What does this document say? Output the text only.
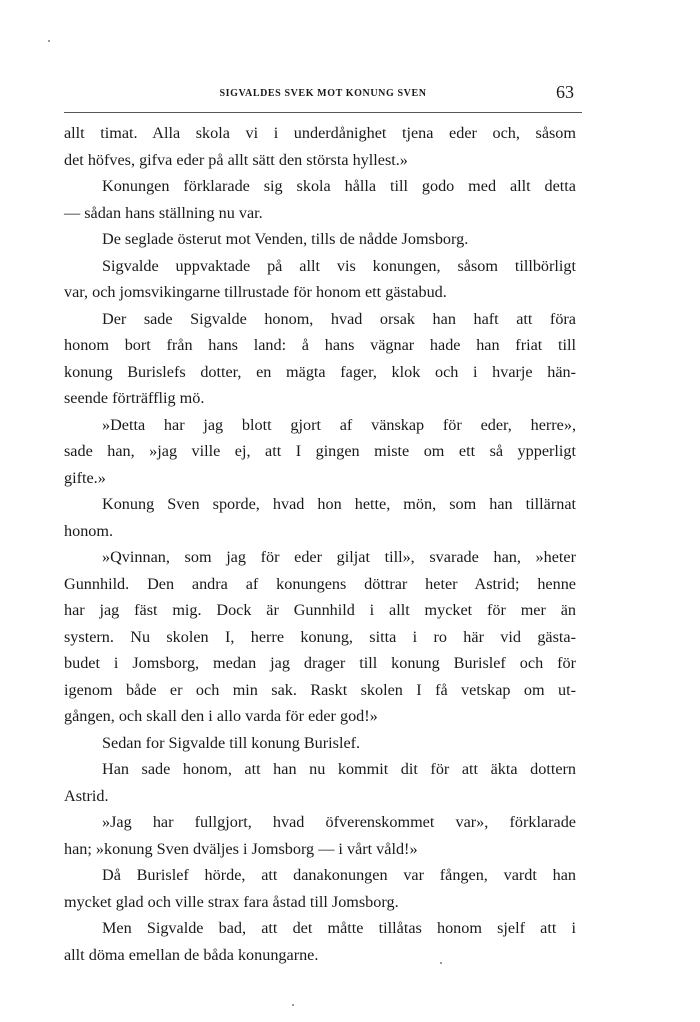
SIGVALDES SVEK MOT KONUNG SVEN	63
allt timat. Alla skola vi i underdånighet tjena eder och, såsom
det höfves, gifva eder på allt sätt den största hyllest.»
Konungen förklarade sig skola hålla till godo med allt detta
— sådan hans ställning nu var.
De seglade österut mot Venden, tills de nådde Jomsborg.
Sigvalde uppvaktade på allt vis konungen, såsom tillbörligt
var, och jomsvikingarne tillrustade för honom ett gästabud.
Der sade Sigvalde honom, hvad orsak han haft att föra
honom bort från hans land: å hans vägnar hade han friat till
konung Burislefs dotter, en mägta fager, klok och i hvarje hän-
seende förträfflig mö.
»Detta har jag blott gjort af vänskap för eder, herre»,
sade han, »jag ville ej, att I gingen miste om ett så ypperligt
gifte.»
Konung Sven sporde, hvad hon hette, mön, som han tillärnat
honom.
»Qvinnan, som jag för eder giljat till», svarade han, »heter
Gunnhild. Den andra af konungens döttrar heter Astrid; henne
har jag fäst mig. Dock är Gunnhild i allt mycket för mer än
systern. Nu skolen I, herre konung, sitta i ro här vid gästa-
budet i Jomsborg, medan jag drager till konung Burislef och för
igenom både er och min sak. Raskt skolen I få vetskap om ut-
gången, och skall den i allo varda för eder god!»
Sedan for Sigvalde till konung Burislef.
Han sade honom, att han nu kommit dit för att äkta dottern
Astrid.
»Jag har fullgjort, hvad öfverenskommet var», förklarade
han; »konung Sven dväljes i Jomsborg — i vårt våld!»
Då Burislef hörde, att danakonungen var fången, vardt han
mycket glad och ville strax fara åstad till Jomsborg.
Men Sigvalde bad, att det måtte tillåtas honom sjelf att i
allt döma emellan de båda konungarne.
